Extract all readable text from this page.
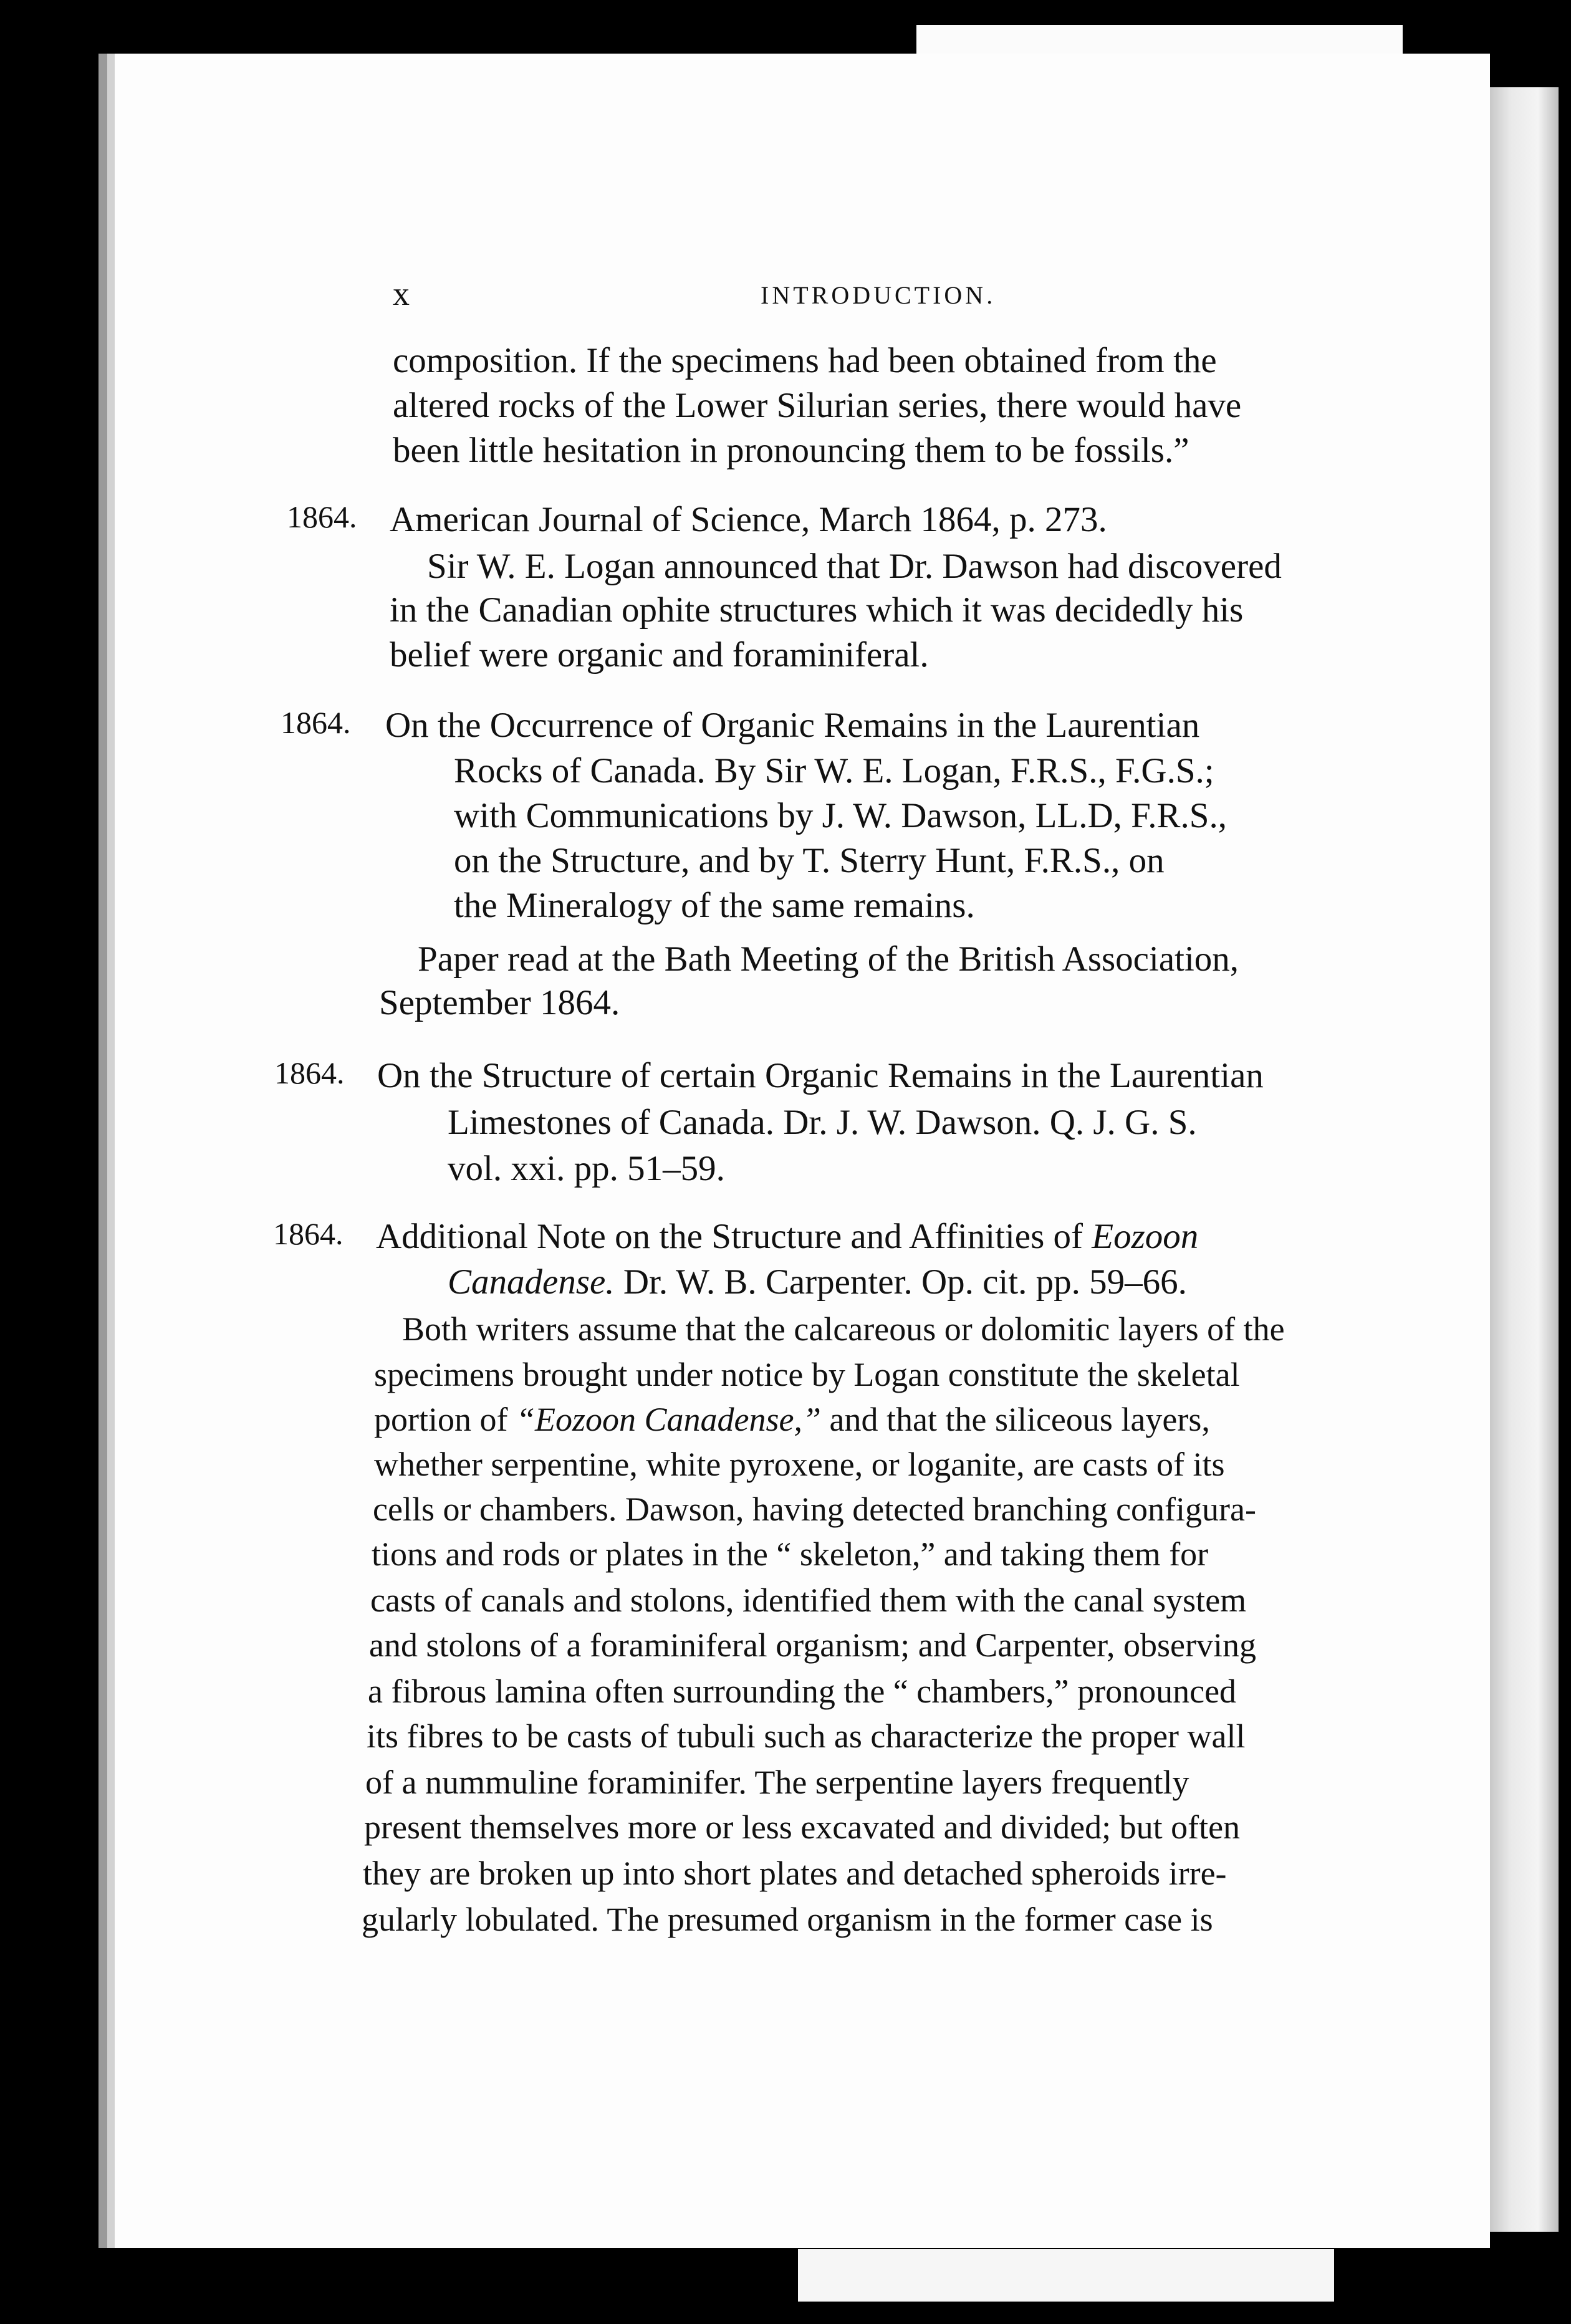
x	INTRODUCTION.
composition. If the specimens had been obtained from the
altered rocks of the Lower Silurian series, there would have
been little hesitation in pronouncing them to be fossils.”
1864. American Journal of Science, March 1864, p. 273.
Sir W. E. Logan announced that Dr. Dawson had discovered
in the Canadian ophite structures which it was decidedly his
belief were organic and foraminiferal.
1864. On the Occurrence of Organic Remains in the Laurentian
Rocks of Canada. By Sir W. E. Logan, F.R.S., F.G.S.;
with Communications by J. W. Dawson, LL.D, F.R.S.,
on the Structure, and by T. Sterry Hunt, F.R.S., on
the Mineralogy of the same remains.
Paper read at the Bath Meeting of the British Association,
September 1864.
1864. On the Structure of certain Organic Remains in the Laurentian
Limestones of Canada. Dr. J. W. Dawson. Q. J. G. S.
vol. xxi. pp. 51–59.
1864. Additional Note on the Structure and Affinities of Eozoon
Canadense. Dr. W. B. Carpenter. Op. cit. pp. 59–66.
Both writers assume that the calcareous or dolomitic layers of the
specimens brought under notice by Logan constitute the skeletal
portion of “Eozoon Canadense,” and that the siliceous layers,
whether serpentine, white pyroxene, or loganite, are casts of its
cells or chambers. Dawson, having detected branching configura-
tions and rods or plates in the “ skeleton,” and taking them for
casts of canals and stolons, identified them with the canal system
and stolons of a foraminiferal organism; and Carpenter, observing
a fibrous lamina often surrounding the “ chambers,” pronounced
its fibres to be casts of tubuli such as characterize the proper wall
of a nummuline foraminifer. The serpentine layers frequently
present themselves more or less excavated and divided; but often
they are broken up into short plates and detached spheroids irre-
gularly lobulated. The presumed organism in the former case is
